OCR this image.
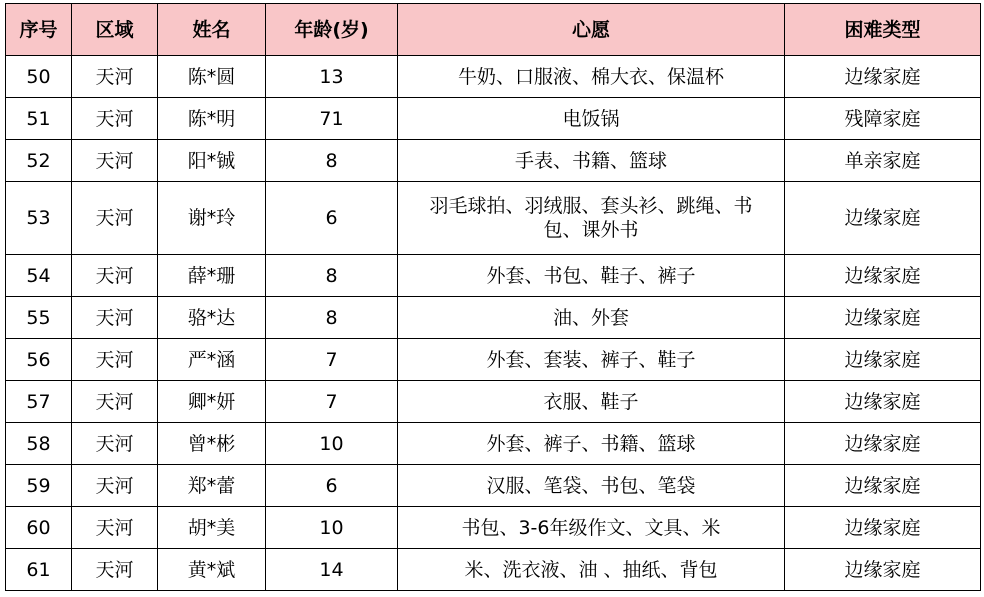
序号	区域	姓名	年龄(岁)	心愿	困难类型
50	天河	陈*圆	13	牛奶、口服液、棉大衣、保温杯	边缘家庭
51	天河	陈*明	71	电饭锅	残障家庭
52	天河	阳*铖	8	手表、书籍、篮球	单亲家庭
53	天河	谢*玲	6	羽毛球拍、羽绒服、套头衫、跳绳、书包、课外书	边缘家庭
54	天河	薛*珊	8	外套、书包、鞋子、裤子	边缘家庭
55	天河	骆*达	8	油、外套	边缘家庭
56	天河	严*涵	7	外套、套装、裤子、鞋子	边缘家庭
57	天河	卿*妍	7	衣服、鞋子	边缘家庭
58	天河	曾*彬	10	外套、裤子、书籍、篮球	边缘家庭
59	天河	郑*蕾	6	汉服、笔袋、书包、笔袋	边缘家庭
60	天河	胡*美	10	书包、3-6年级作文、文具、米	边缘家庭
61	天河	黄*斌	14	米、洗衣液、油 、抽纸、背包	边缘家庭
